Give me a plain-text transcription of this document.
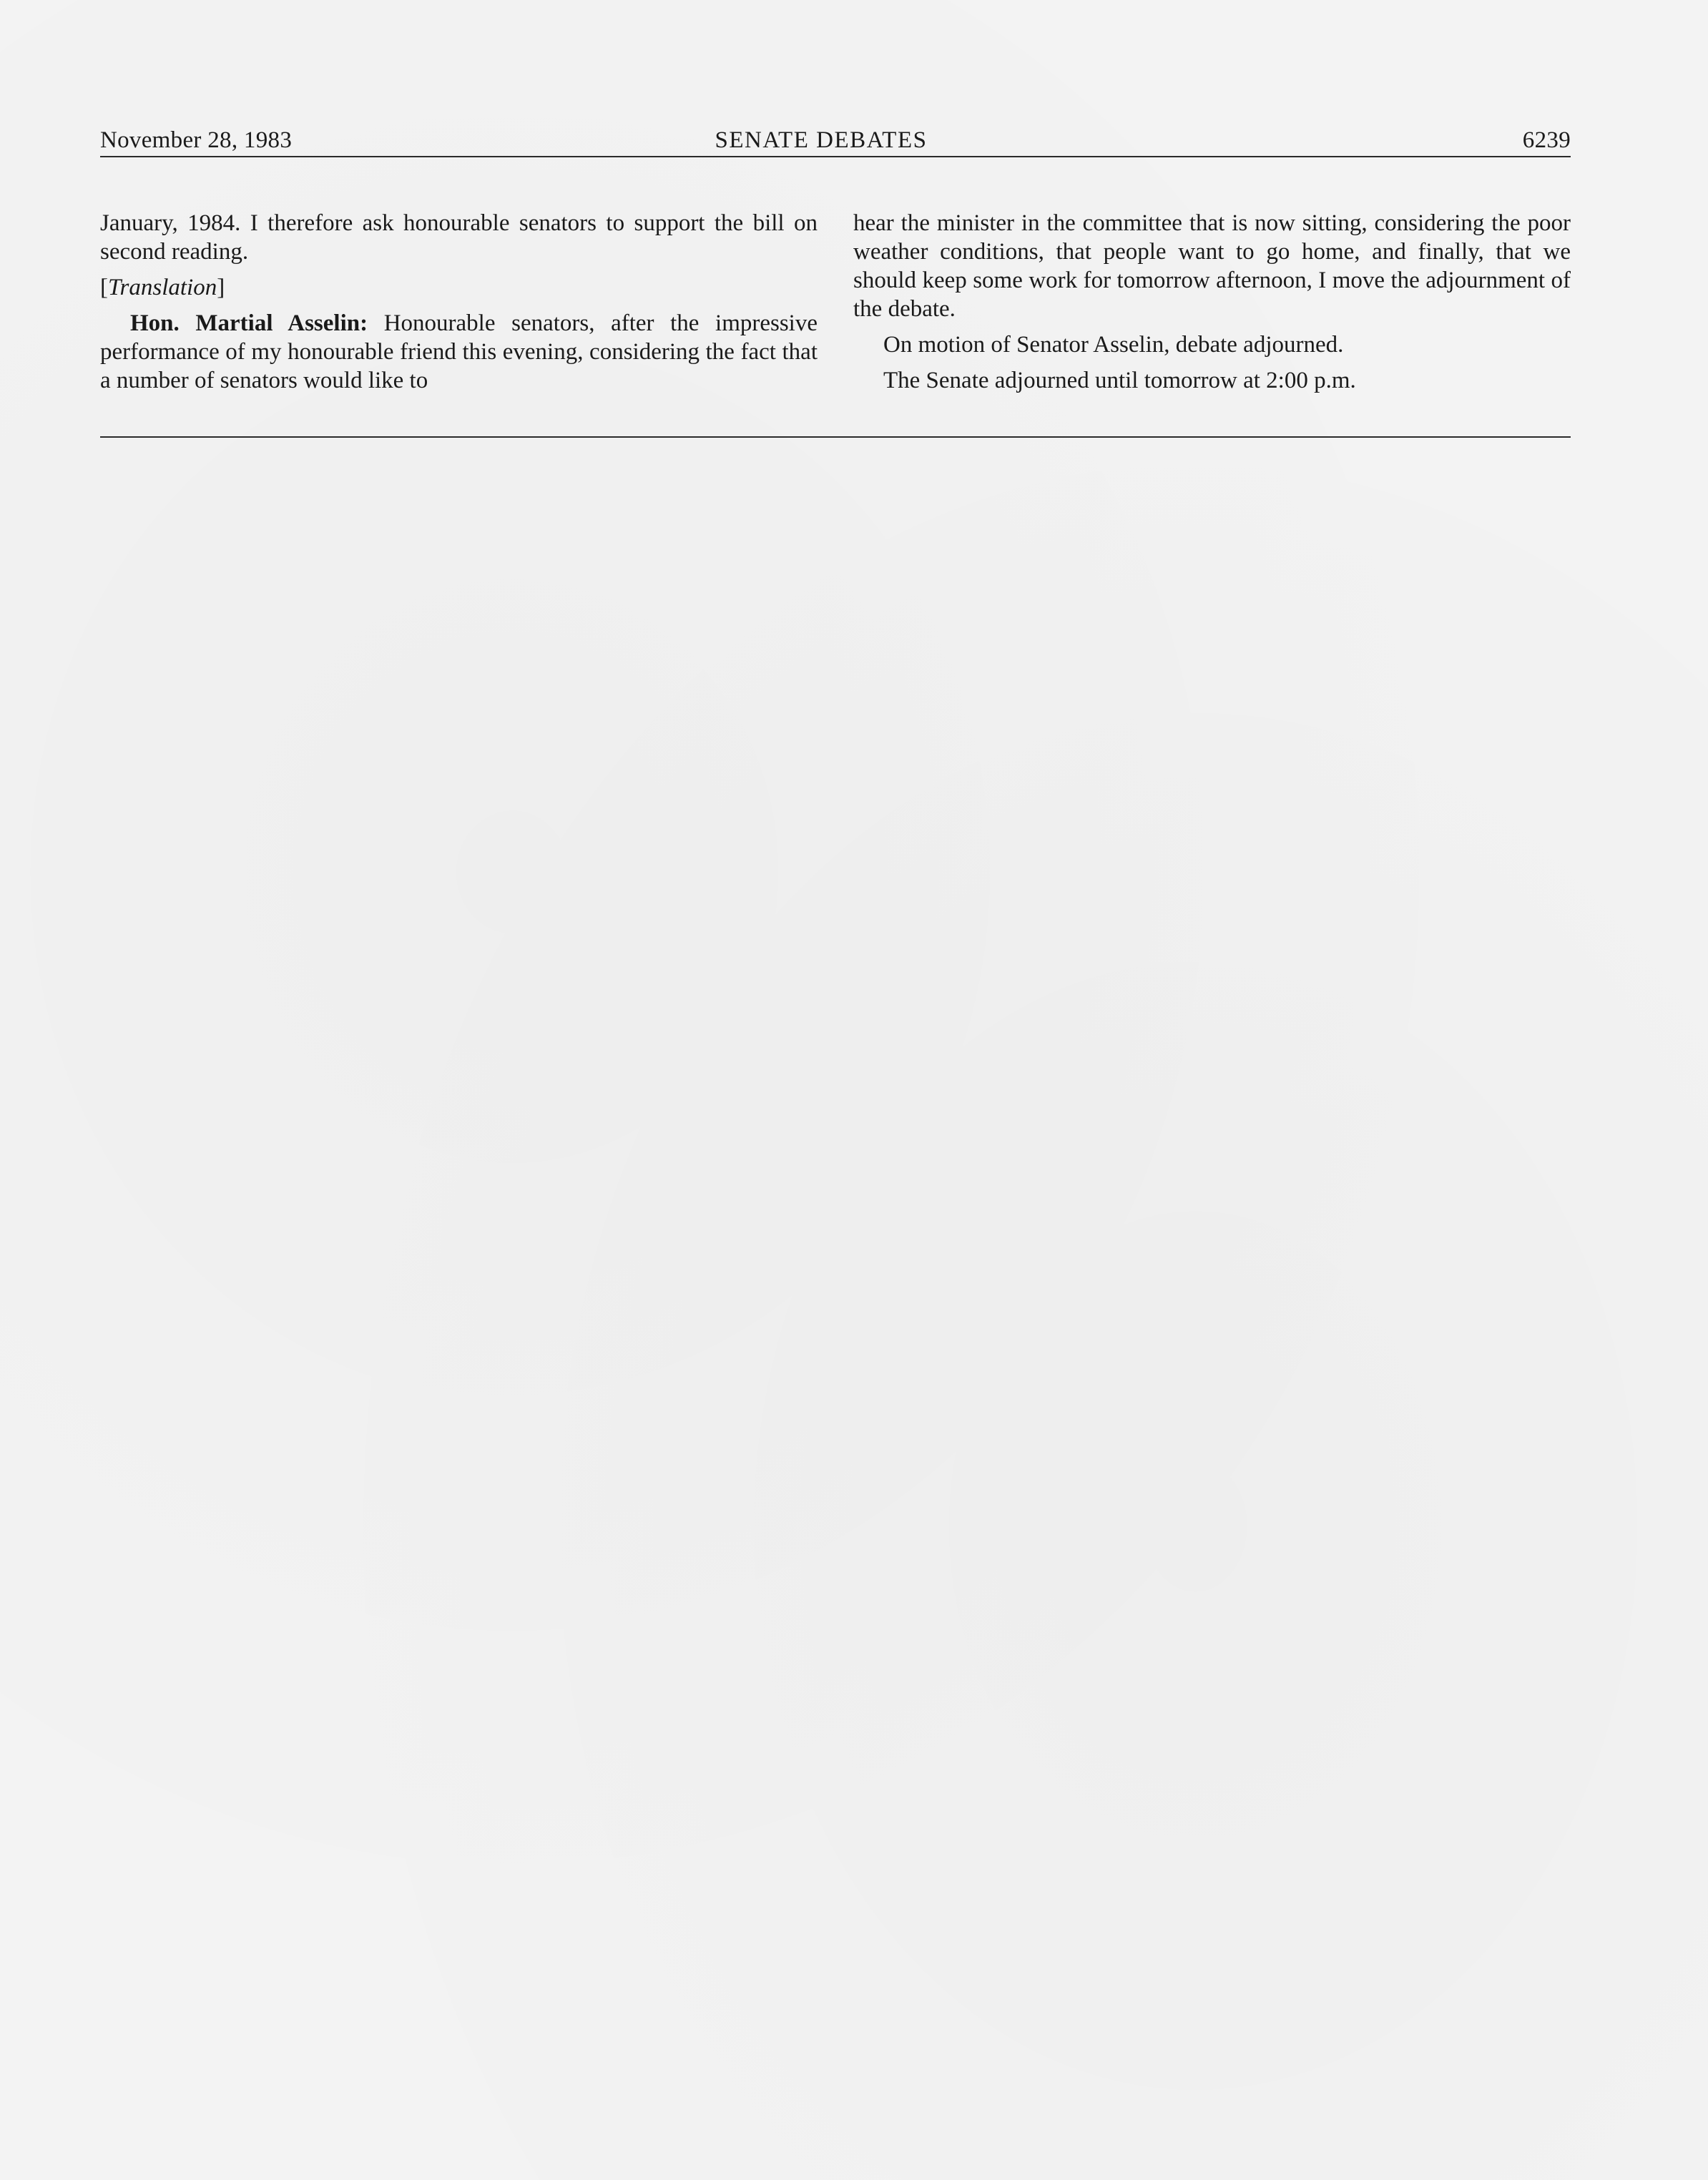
November 28, 1983	SENATE DEBATES	6239

January, 1984. I therefore ask honourable senators to support the bill on second reading.

[Translation]

Hon. Martial Asselin: Honourable senators, after the impressive performance of my honourable friend this evening, considering the fact that a number of senators would like to

hear the minister in the committee that is now sitting, considering the poor weather conditions, that people want to go home, and finally, that we should keep some work for tomorrow afternoon, I move the adjournment of the debate.

On motion of Senator Asselin, debate adjourned.

The Senate adjourned until tomorrow at 2:00 p.m.
